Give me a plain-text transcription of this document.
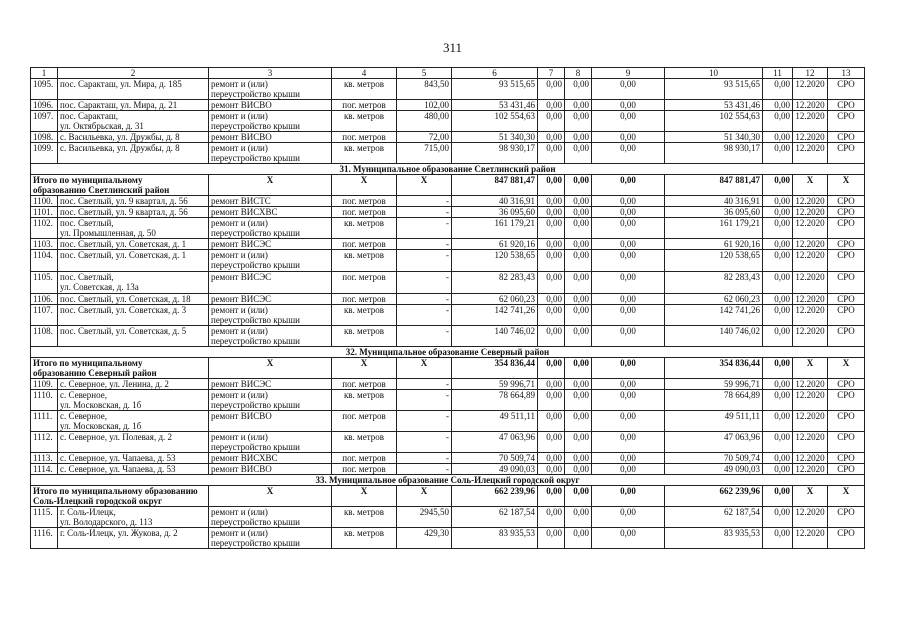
311
1	2	3	4	5	6	7	8	9	10	11	12	13
1095.	пос. Саракташ, ул. Мира, д. 185	ремонт и (или)
переустройство крыши	кв. метров	843,50	93 515,65	0,00	0,00	0,00	93 515,65	0,00	12.2020	СРО
1096.	пос. Саракташ, ул. Мира, д. 21	ремонт ВИСВО	пог. метров	102,00	53 431,46	0,00	0,00	0,00	53 431,46	0,00	12.2020	СРО
1097.	пос. Саракташ,
ул. Октябрьская, д. 31	ремонт и (или)
переустройство крыши	кв. метров	480,00	102 554,63	0,00	0,00	0,00	102 554,63	0,00	12.2020	СРО
1098.	с. Васильевка, ул. Дружбы, д. 8	ремонт ВИСВО	пог. метров	72,00	51 340,30	0,00	0,00	0,00	51 340,30	0,00	12.2020	СРО
1099.	с. Васильевка, ул. Дружбы, д. 8	ремонт и (или)
переустройство крыши	кв. метров	715,00	98 930,17	0,00	0,00	0,00	98 930,17	0,00	12.2020	СРО
31. Муниципальное образование Светлинский район												
Итого по муниципальному
образованию Светлинский район		X	X	X	847 881,47	0,00	0,00	0,00	847 881,47	0,00	X	X
1100.	пос. Светлый, ул. 9 квартал, д. 56	ремонт ВИСТС	пог. метров	-	40 316,91	0,00	0,00	0,00	40 316,91	0,00	12.2020	СРО
1101.	пос. Светлый, ул. 9 квартал, д. 56	ремонт ВИСХВС	пог. метров	-	36 095,60	0,00	0,00	0,00	36 095,60	0,00	12.2020	СРО
1102.	пос. Светлый,
ул. Промышленная, д. 50	ремонт и (или)
переустройство крыши	кв. метров	-	161 179,21	0,00	0,00	0,00	161 179,21	0,00	12.2020	СРО
1103.	пос. Светлый, ул. Советская, д. 1	ремонт ВИСЭС	пог. метров	-	61 920,16	0,00	0,00	0,00	61 920,16	0,00	12.2020	СРО
1104.	пос. Светлый, ул. Советская, д. 1	ремонт и (или)
переустройство крыши	кв. метров	-	120 538,65	0,00	0,00	0,00	120 538,65	0,00	12.2020	СРО
1105.	пос. Светлый,
ул. Советская, д. 13а	ремонт ВИСЭС	пог. метров	-	82 283,43	0,00	0,00	0,00	82 283,43	0,00	12.2020	СРО
1106.	пос. Светлый, ул. Советская, д. 18	ремонт ВИСЭС	пог. метров	-	62 060,23	0,00	0,00	0,00	62 060,23	0,00	12.2020	СРО
1107.	пос. Светлый, ул. Советская, д. 3	ремонт и (или)
переустройство крыши	кв. метров	-	142 741,26	0,00	0,00	0,00	142 741,26	0,00	12.2020	СРО
1108.	пос. Светлый, ул. Советская, д. 5	ремонт и (или)
переустройство крыши	кв. метров	-	140 746,02	0,00	0,00	0,00	140 746,02	0,00	12.2020	СРО
32. Муниципальное образование Северный район												
Итого по муниципальному
образованию Северный район		X	X	X	354 836,44	0,00	0,00	0,00	354 836,44	0,00	X	X
1109.	с. Северное, ул. Ленина, д. 2	ремонт ВИСЭС	пог. метров	-	59 996,71	0,00	0,00	0,00	59 996,71	0,00	12.2020	СРО
1110.	с. Северное,
ул. Московская, д. 1б	ремонт и (или)
переустройство крыши	кв. метров	-	78 664,89	0,00	0,00	0,00	78 664,89	0,00	12.2020	СРО
1111.	с. Северное,
ул. Московская, д. 1б	ремонт ВИСВО	пог. метров	-	49 511,11	0,00	0,00	0,00	49 511,11	0,00	12.2020	СРО
1112.	с. Северное, ул. Полевая, д. 2	ремонт и (или)
переустройство крыши	кв. метров	-	47 063,96	0,00	0,00	0,00	47 063,96	0,00	12.2020	СРО
1113.	с. Северное, ул. Чапаева, д. 53	ремонт ВИСХВС	пог. метров	-	70 509,74	0,00	0,00	0,00	70 509,74	0,00	12.2020	СРО
1114.	с. Северное, ул. Чапаева, д. 53	ремонт ВИСВО	пог. метров	-	49 090,03	0,00	0,00	0,00	49 090,03	0,00	12.2020	СРО
33. Муниципальное образование Соль-Илецкий городской округ												
Итого по муниципальному образованию
Соль-Илецкий городской округ		X	X	X	662 239,96	0,00	0,00	0,00	662 239,96	0,00	X	X
1115.	г. Соль-Илецк,
ул. Володарского, д. 113	ремонт и (или)
переустройство крыши	кв. метров	2945,50	62 187,54	0,00	0,00	0,00	62 187,54	0,00	12.2020	СРО
1116.	г. Соль-Илецк, ул. Жукова, д. 2	ремонт и (или)
переустройство крыши	кв. метров	429,30	83 935,53	0,00	0,00	0,00	83 935,53	0,00	12.2020	СРО
